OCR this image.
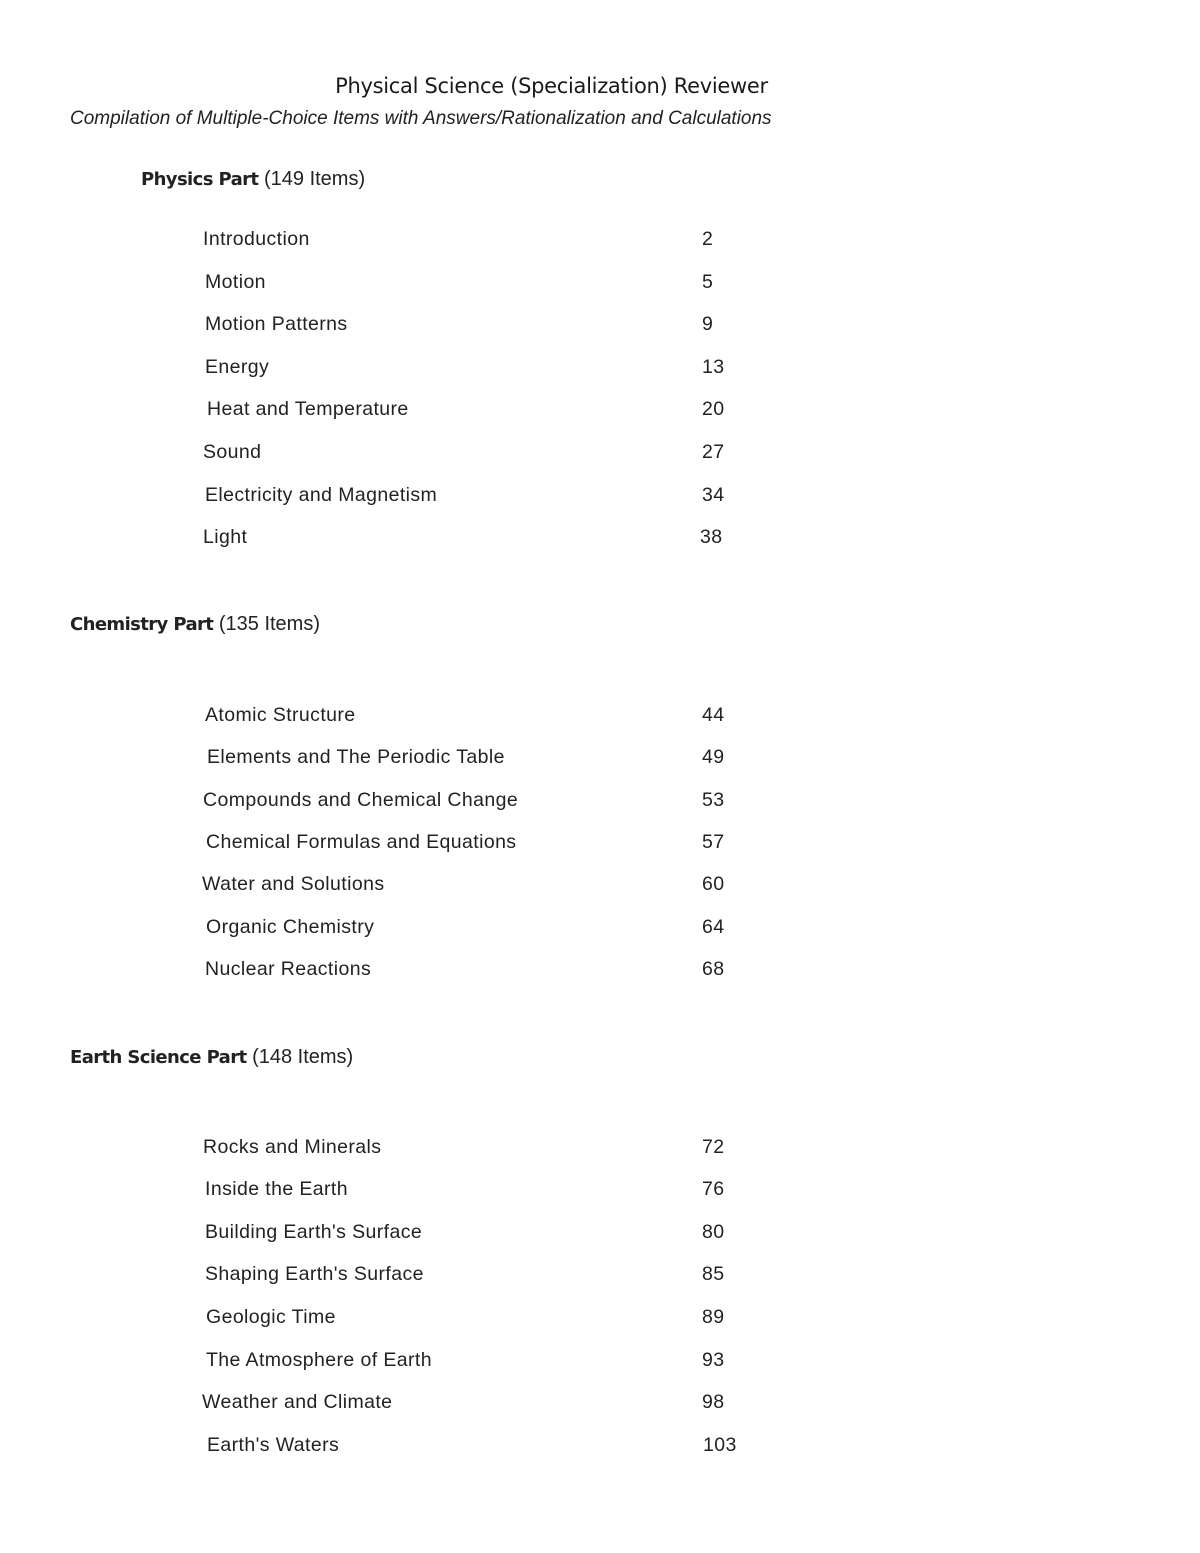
Physical Science (Specialization) Reviewer
Compilation of Multiple-Choice Items with Answers/Rationalization and Calculations
Physics Part (149 Items)
Introduction	2
Motion	5
Motion Patterns	9
Energy	13
Heat and Temperature	20
Sound	27
Electricity and Magnetism	34
Light	38
Chemistry Part (135 Items)
Atomic Structure	44
Elements and The Periodic Table	49
Compounds and Chemical Change	53
Chemical Formulas and Equations	57
Water and Solutions	60
Organic Chemistry	64
Nuclear Reactions	68
Earth Science Part (148 Items)
Rocks and Minerals	72
Inside the Earth	76
Building Earth's Surface	80
Shaping Earth's Surface	85
Geologic Time	89
The Atmosphere of Earth	93
Weather and Climate	98
Earth's Waters	103
